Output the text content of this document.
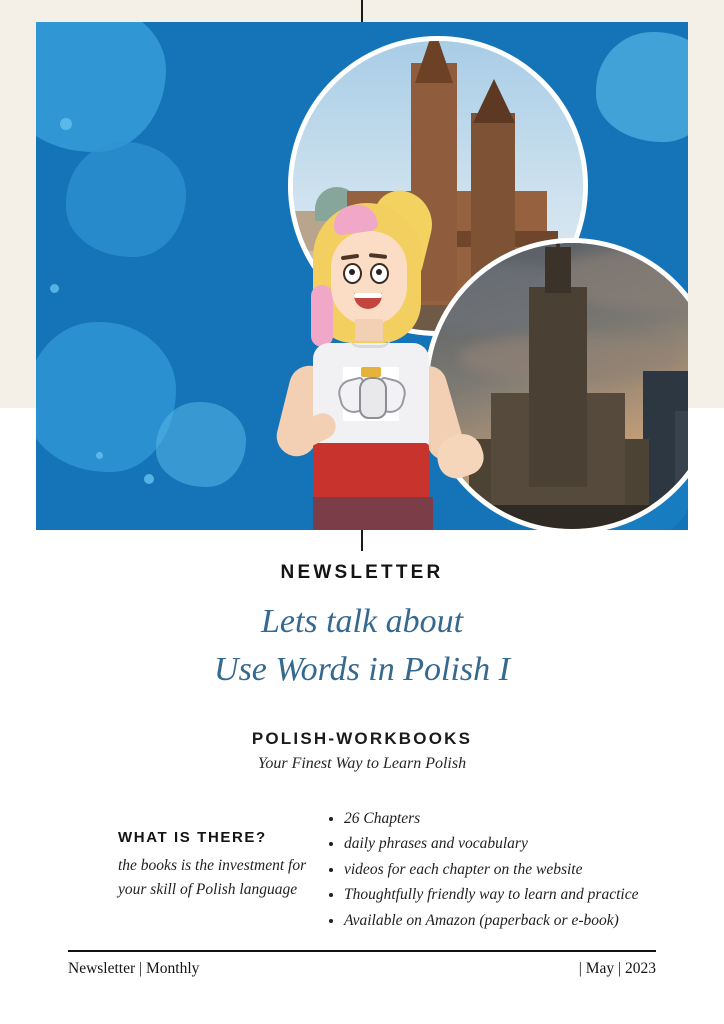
NEWSLETTER
Lets talk about
Use Words in Polish I
POLISH-WORKBOOKS
Your Finest Way to Learn Polish
WHAT IS THERE?

the books is the investment for your skill of Polish language

• 26 Chapters
• daily phrases and vocabulary
• videos for each chapter on the website
• Thoughtfully friendly way to learn and practice
• Available on Amazon (paperback or e-book)
Newsletter | Monthly	| May | 2023
